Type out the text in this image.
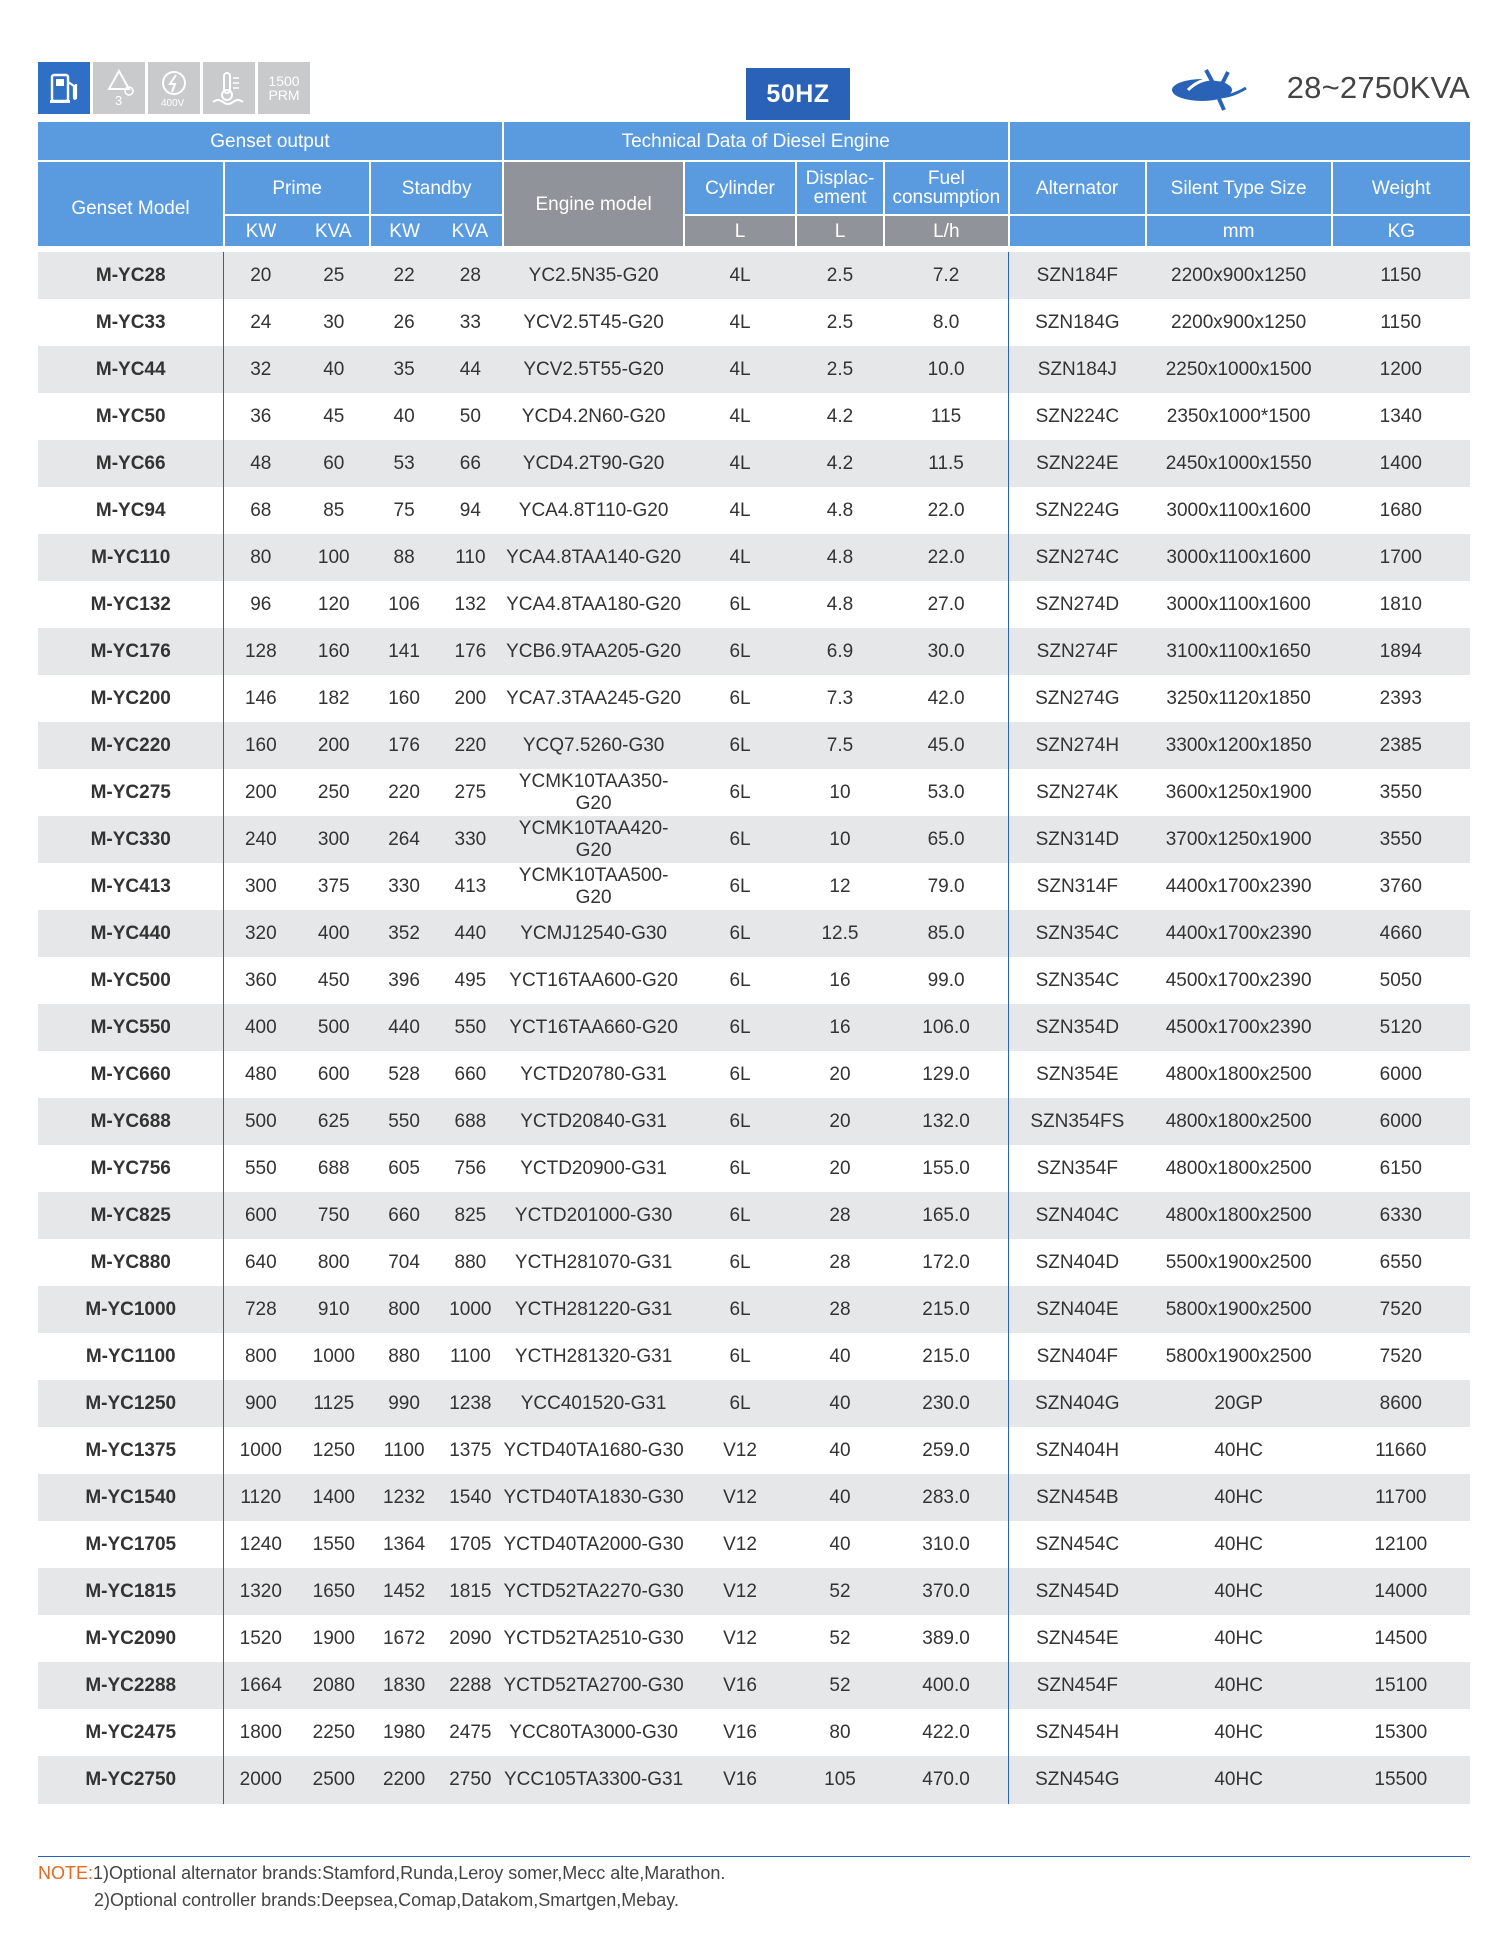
3	400V
1500
PRM	50HZ	28~2750KVA
Genset output					Technical Data of Diesel Engine						
Genset Model	Prime		Standby		Engine model	Cylinder	Displac-ement	Fuel consumption	Alternator	Silent Type Size	Weight
	KW	KVA	KW	KVA		L	L	L/h		mm	KG
M-YC28	20	25	22	28	YC2.5N35-G20	4L	2.5	7.2	SZN184F	2200x900x1250	1150
M-YC33	24	30	26	33	YCV2.5T45-G20	4L	2.5	8.0	SZN184G	2200x900x1250	1150
M-YC44	32	40	35	44	YCV2.5T55-G20	4L	2.5	10.0	SZN184J	2250x1000x1500	1200
M-YC50	36	45	40	50	YCD4.2N60-G20	4L	4.2	115	SZN224C	2350x1000*1500	1340
M-YC66	48	60	53	66	YCD4.2T90-G20	4L	4.2	11.5	SZN224E	2450x1000x1550	1400
M-YC94	68	85	75	94	YCA4.8T110-G20	4L	4.8	22.0	SZN224G	3000x1100x1600	1680
M-YC110	80	100	88	110	YCA4.8TAA140-G20	4L	4.8	22.0	SZN274C	3000x1100x1600	1700
M-YC132	96	120	106	132	YCA4.8TAA180-G20	6L	4.8	27.0	SZN274D	3000x1100x1600	1810
M-YC176	128	160	141	176	YCB6.9TAA205-G20	6L	6.9	30.0	SZN274F	3100x1100x1650	1894
M-YC200	146	182	160	200	YCA7.3TAA245-G20	6L	7.3	42.0	SZN274G	3250x1120x1850	2393
M-YC220	160	200	176	220	YCQ7.5260-G30	6L	7.5	45.0	SZN274H	3300x1200x1850	2385
M-YC275	200	250	220	275	YCMK10TAA350-G20	6L	10	53.0	SZN274K	3600x1250x1900	3550
M-YC330	240	300	264	330	YCMK10TAA420-G20	6L	10	65.0	SZN314D	3700x1250x1900	3550
M-YC413	300	375	330	413	YCMK10TAA500-G20	6L	12	79.0	SZN314F	4400x1700x2390	3760
M-YC440	320	400	352	440	YCMJ12540-G30	6L	12.5	85.0	SZN354C	4400x1700x2390	4660
M-YC500	360	450	396	495	YCT16TAA600-G20	6L	16	99.0	SZN354C	4500x1700x2390	5050
M-YC550	400	500	440	550	YCT16TAA660-G20	6L	16	106.0	SZN354D	4500x1700x2390	5120
M-YC660	480	600	528	660	YCTD20780-G31	6L	20	129.0	SZN354E	4800x1800x2500	6000
M-YC688	500	625	550	688	YCTD20840-G31	6L	20	132.0	SZN354FS	4800x1800x2500	6000
M-YC756	550	688	605	756	YCTD20900-G31	6L	20	155.0	SZN354F	4800x1800x2500	6150
M-YC825	600	750	660	825	YCTD201000-G30	6L	28	165.0	SZN404C	4800x1800x2500	6330
M-YC880	640	800	704	880	YCTH281070-G31	6L	28	172.0	SZN404D	5500x1900x2500	6550
M-YC1000	728	910	800	1000	YCTH281220-G31	6L	28	215.0	SZN404E	5800x1900x2500	7520
M-YC1100	800	1000	880	1100	YCTH281320-G31	6L	40	215.0	SZN404F	5800x1900x2500	7520
M-YC1250	900	1125	990	1238	YCC401520-G31	6L	40	230.0	SZN404G	20GP	8600
M-YC1375	1000	1250	1100	1375	YCTD40TA1680-G30	V12	40	259.0	SZN404H	40HC	11660
M-YC1540	1120	1400	1232	1540	YCTD40TA1830-G30	V12	40	283.0	SZN454B	40HC	11700
M-YC1705	1240	1550	1364	1705	YCTD40TA2000-G30	V12	40	310.0	SZN454C	40HC	12100
M-YC1815	1320	1650	1452	1815	YCTD52TA2270-G30	V12	52	370.0	SZN454D	40HC	14000
M-YC2090	1520	1900	1672	2090	YCTD52TA2510-G30	V12	52	389.0	SZN454E	40HC	14500
M-YC2288	1664	2080	1830	2288	YCTD52TA2700-G30	V16	52	400.0	SZN454F	40HC	15100
M-YC2475	1800	2250	1980	2475	YCC80TA3000-G30	V16	80	422.0	SZN454H	40HC	15300
M-YC2750	2000	2500	2200	2750	YCC105TA3300-G31	V16	105	470.0	SZN454G	40HC	15500
NOTE:1)Optional alternator brands:Stamford,Runda,Leroy somer,Mecc alte,Marathon.
2)Optional controller brands:Deepsea,Comap,Datakom,Smartgen,Mebay.
